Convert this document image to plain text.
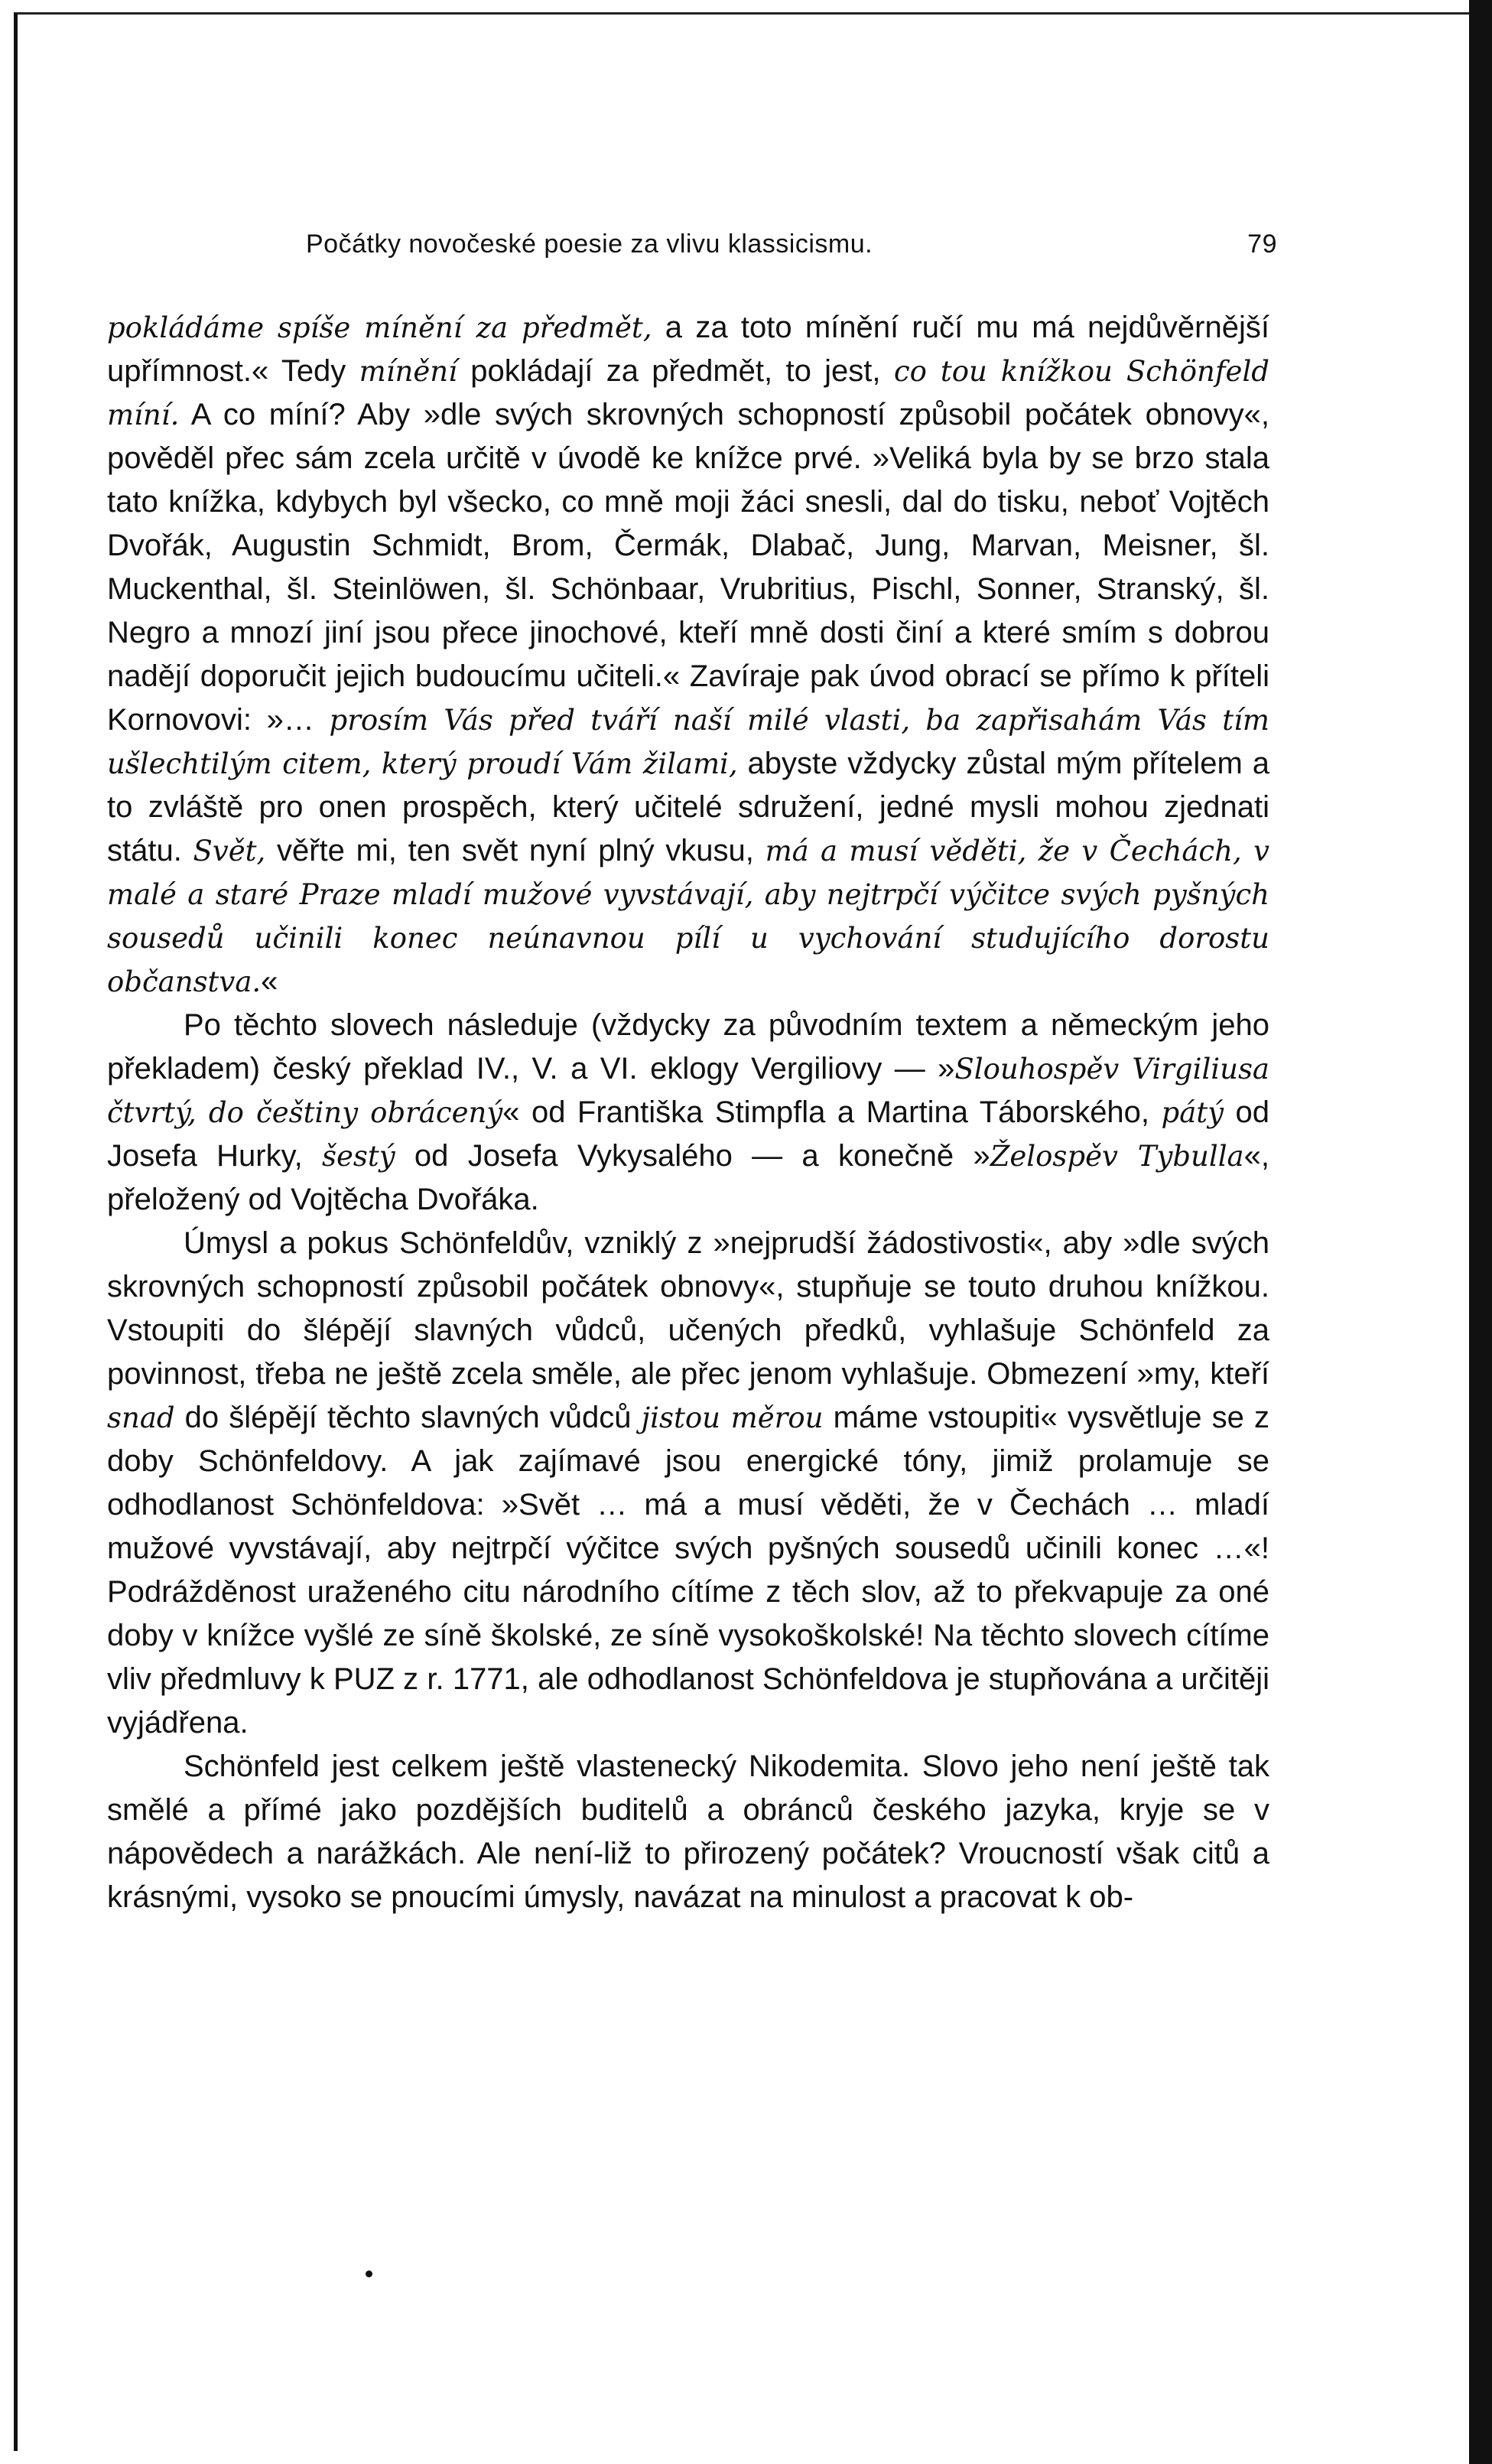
Počátky novočeské poesie za vlivu klassicismu.	79

pokládáme spíše mínění za předmět, a za toto mínění ručí mu má nejdůvěrnější upřímnost.« Tedy mínění pokládají za předmět, to jest, co tou knížkou Schönfeld míní. A co míní? Aby »dle svých skrovných schopností způsobil počátek obnovy«, pověděl přec sám zcela určitě v úvodě ke knížce prvé. »Veliká byla by se brzo stala tato knížka, kdybych byl všecko, co mně moji žáci snesli, dal do tisku, neboť Vojtěch Dvořák, Augustin Schmidt, Brom, Čermák, Dlabač, Jung, Marvan, Meisner, šl. Muckenthal, šl. Steinlöwen, šl. Schönbaar, Vrubritius, Pischl, Sonner, Stranský, šl. Negro a mnozí jiní jsou přece jinochové, kteří mně dosti činí a které smím s dobrou nadějí doporučit jejich budoucímu učiteli.« Zavíraje pak úvod obrací se přímo k příteli Kornovovi: »… prosím Vás před tváří naší milé vlasti, ba zapřisahám Vás tím ušlechtilým citem, který proudí Vám žilami, abyste vždycky zůstal mým přítelem a to zvláště pro onen prospěch, který učitelé sdružení, jedné mysli mohou zjednati státu. Svět, věřte mi, ten svět nyní plný vkusu, má a musí věděti, že v Čechách, v malé a staré Praze mladí mužové vyvstávají, aby nejtrpčí výčitce svých pyšných sousedů učinili konec neúnavnou pílí u vychování studujícího dorostu občanstva.«

Po těchto slovech následuje (vždycky za původním textem a německým jeho překladem) český překlad IV., V. a VI. eklogy Vergiliovy — »Slouhospěv Virgiliusa čtvrtý, do češtiny obrácený« od Františka Stimpfla a Martina Táborského, pátý od Josefa Hurky, šestý od Josefa Vykysalého — a konečně »Želospěv Tybulla«, přeložený od Vojtěcha Dvořáka.

Úmysl a pokus Schönfeldův, vzniklý z »nejprudší žádostivosti«, aby »dle svých skrovných schopností způsobil počátek obnovy«, stupňuje se touto druhou knížkou. Vstoupiti do šlépějí slavných vůdců, učených předků, vyhlašuje Schönfeld za povinnost, třeba ne ještě zcela směle, ale přec jenom vyhlašuje. Obmezení »my, kteří snad do šlépějí těchto slavných vůdců jistou měrou máme vstoupiti« vysvětluje se z doby Schönfeldovy. A jak zajímavé jsou energické tóny, jimiž prolamuje se odhodlanost Schönfeldova: »Svět … má a musí věděti, že v Čechách … mladí mužové vyvstávají, aby nejtrpčí výčitce svých pyšných sousedů učinili konec …«! Podrážděnost uraženého citu národního cítíme z těch slov, až to překvapuje za oné doby v knížce vyšlé ze síně školské, ze síně vysokoškolské! Na těchto slovech cítíme vliv předmluvy k PUZ z r. 1771, ale odhodlanost Schönfeldova je stupňována a určitěji vyjádřena.

Schönfeld jest celkem ještě vlastenecký Nikodemita. Slovo jeho není ještě tak smělé a přímé jako pozdějších buditelů a obránců českého jazyka, kryje se v nápovědech a narážkách. Ale není-liž to přirozený počátek? Vroucností však citů a krásnými, vysoko se pnoucími úmysly, navázat na minulost a pracovat k ob-
